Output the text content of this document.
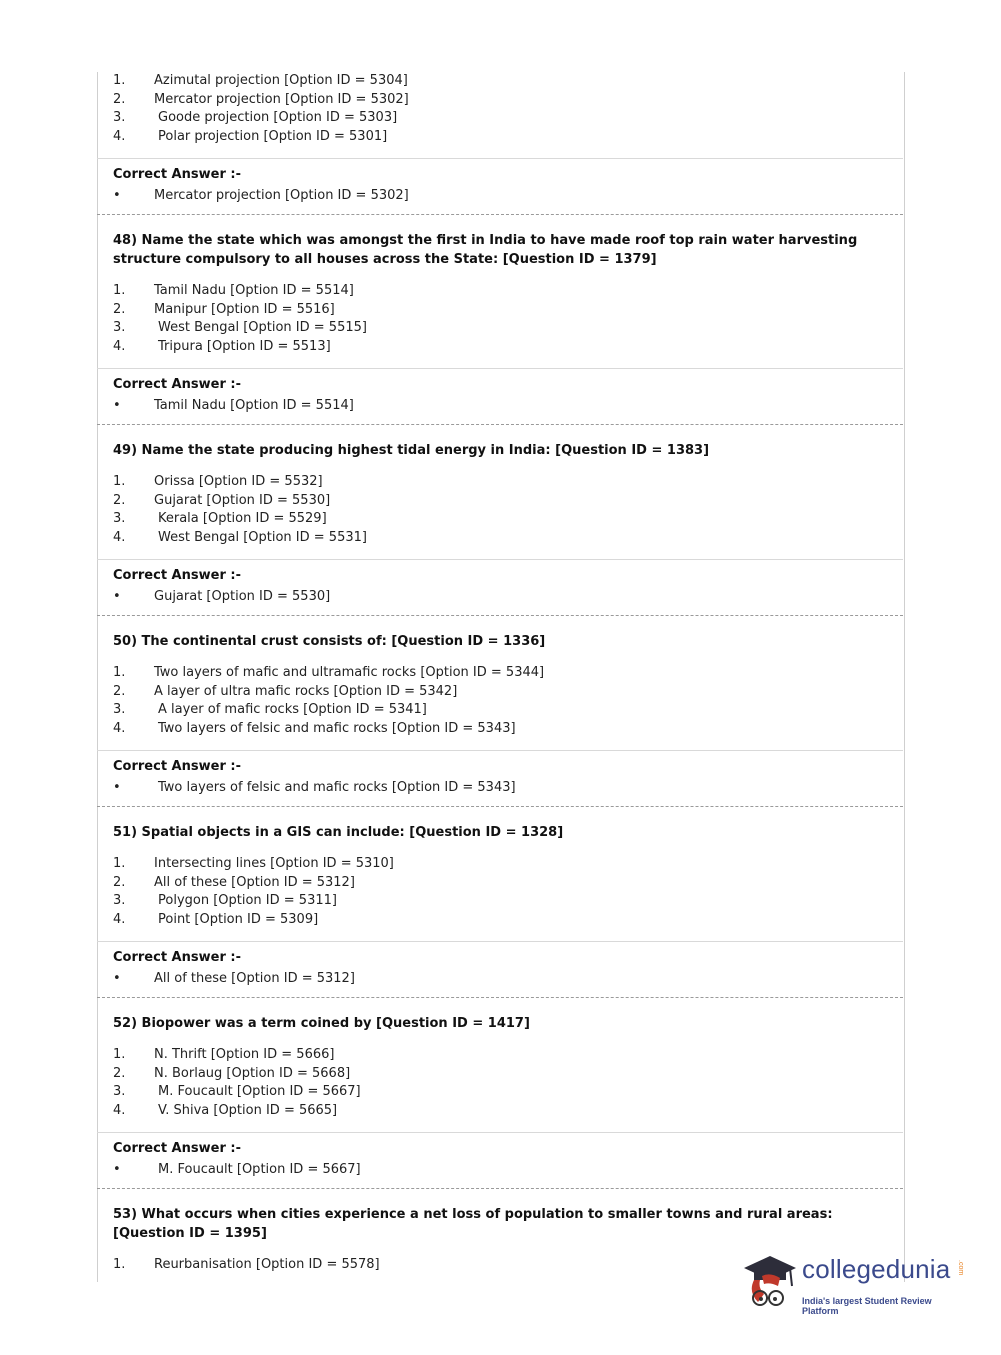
1. Azimutal projection [Option ID = 5304]
2. Mercator projection [Option ID = 5302]
3.	Goode projection [Option ID = 5303]
4.	Polar projection [Option ID = 5301]
Correct Answer :-
•	Mercator projection [Option ID = 5302]
48) Name the state which was amongst the first in India to have made roof top rain water harvesting structure compulsory to all houses across the State: [Question ID = 1379]
1. Tamil Nadu [Option ID = 5514]
2. Manipur [Option ID = 5516]
3.	West Bengal [Option ID = 5515]
4.	Tripura [Option ID = 5513]
Correct Answer :-
•	Tamil Nadu [Option ID = 5514]
49) Name the state producing highest tidal energy in India: [Question ID = 1383]
1. Orissa [Option ID = 5532]
2. Gujarat [Option ID = 5530]
3.	Kerala [Option ID = 5529]
4.	West Bengal [Option ID = 5531]
Correct Answer :-
•	Gujarat [Option ID = 5530]
50) The continental crust consists of: [Question ID = 1336]
1. Two layers of mafic and ultramafic rocks [Option ID = 5344]
2. A layer of ultra mafic rocks [Option ID = 5342]
3.	A layer of mafic rocks [Option ID = 5341]
4.	Two layers of felsic and mafic rocks [Option ID = 5343]
Correct Answer :-
•	Two layers of felsic and mafic rocks [Option ID = 5343]
51) Spatial objects in a GIS can include: [Question ID = 1328]
1. Intersecting lines [Option ID = 5310]
2. All of these [Option ID = 5312]
3.	Polygon [Option ID = 5311]
4.	Point [Option ID = 5309]
Correct Answer :-
•	All of these [Option ID = 5312]
52) Biopower was a term coined by [Question ID = 1417]
1. N. Thrift [Option ID = 5666]
2. N. Borlaug [Option ID = 5668]
3.	M. Foucault [Option ID = 5667]
4.	V. Shiva [Option ID = 5665]
Correct Answer :-
•	M. Foucault [Option ID = 5667]
53) What occurs when cities experience a net loss of population to smaller towns and rural areas: [Question ID = 1395]
1. Reurbanisation [Option ID = 5578]	collegedunia .com
India's largest Student Review Platform
